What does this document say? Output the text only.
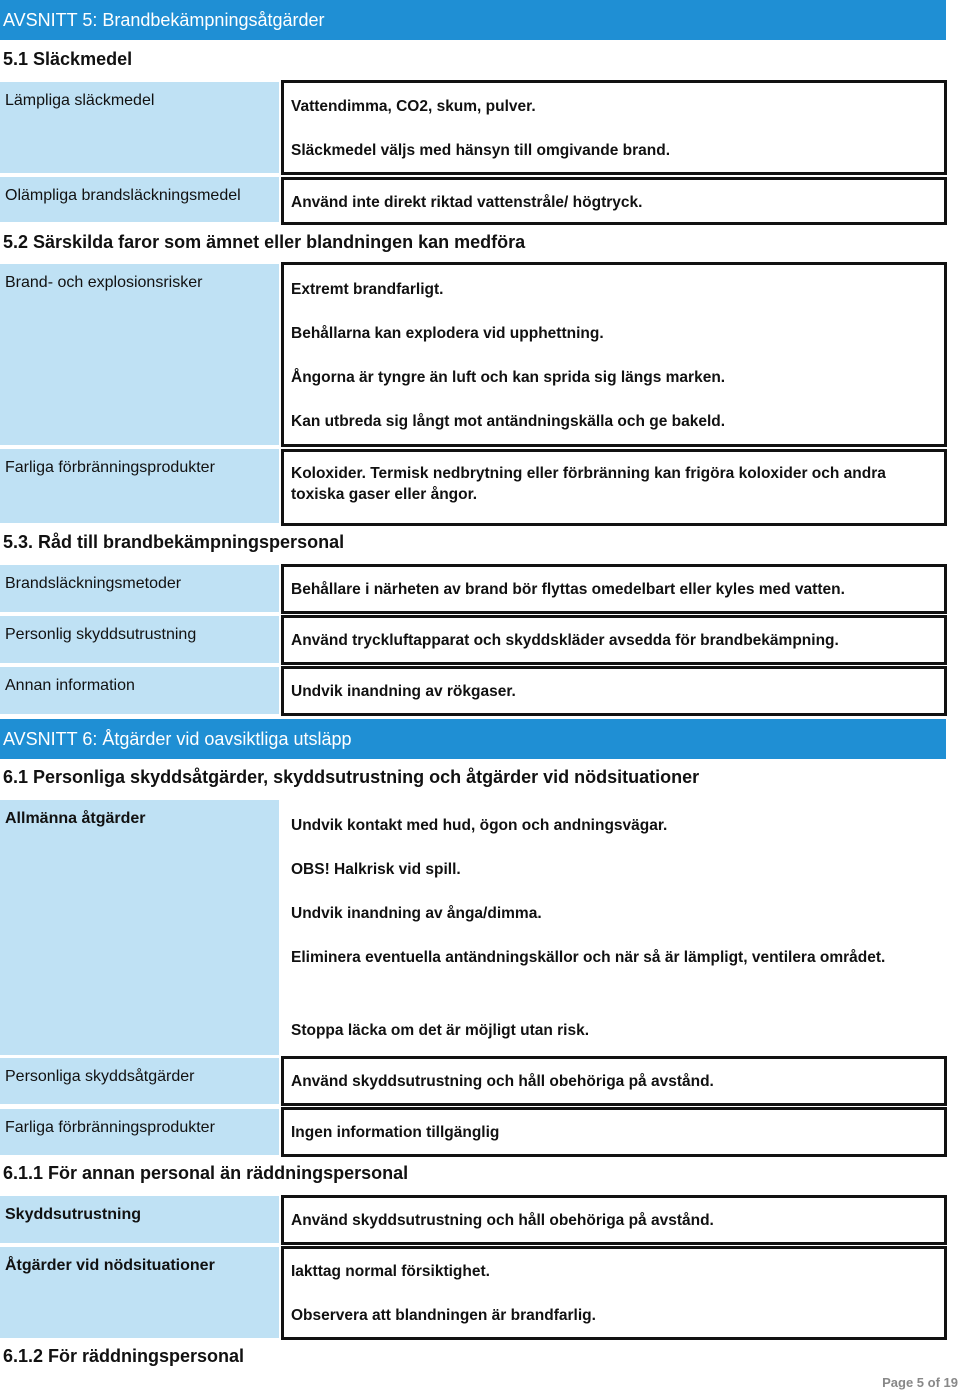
AVSNITT 5: Brandbekämpningsåtgärder
5.1 Släckmedel
Lämpliga släckmedel	Vattendimma, CO2, skum, pulver.
Släckmedel väljs med hänsyn till omgivande brand.
Olämpliga brandsläckningsmedel	Använd inte direkt riktad vattenstråle/ högtryck.
5.2 Särskilda faror som ämnet eller blandningen kan medföra
Brand- och explosionsrisker	Extremt brandfarligt.
Behållarna kan explodera vid upphettning.
Ångorna är tyngre än luft och kan sprida sig längs marken.
Kan utbreda sig långt mot antändningskälla och ge bakeld.
Farliga förbränningsprodukter	Koloxider. Termisk nedbrytning eller förbränning kan frigöra koloxider och andra toxiska gaser eller ångor.
5.3. Råd till brandbekämpningspersonal
Brandsläckningsmetoder	Behållare i närheten av brand bör flyttas omedelbart eller kyles med vatten.
Personlig skyddsutrustning	Använd tryckluftapparat och skyddskläder avsedda för brandbekämpning.
Annan information	Undvik inandning av rökgaser.
AVSNITT 6: Åtgärder vid oavsiktliga utsläpp
6.1 Personliga skyddsåtgärder, skyddsutrustning och åtgärder vid nödsituationer
Allmänna åtgärder	Undvik kontakt med hud, ögon och andningsvägar.
OBS! Halkrisk vid spill.
Undvik inandning av ånga/dimma.
Eliminera eventuella antändningskällor och när så är lämpligt, ventilera området.
Stoppa läcka om det är möjligt utan risk.
Personliga skyddsåtgärder	Använd skyddsutrustning och håll obehöriga på avstånd.
Farliga förbränningsprodukter	Ingen information tillgänglig
6.1.1 För annan personal än räddningspersonal
Skyddsutrustning	Använd skyddsutrustning och håll obehöriga på avstånd.
Åtgärder vid nödsituationer	Iakttag normal försiktighet.
Observera att blandningen är brandfarlig.
6.1.2 För räddningspersonal
Page 5 of 19
